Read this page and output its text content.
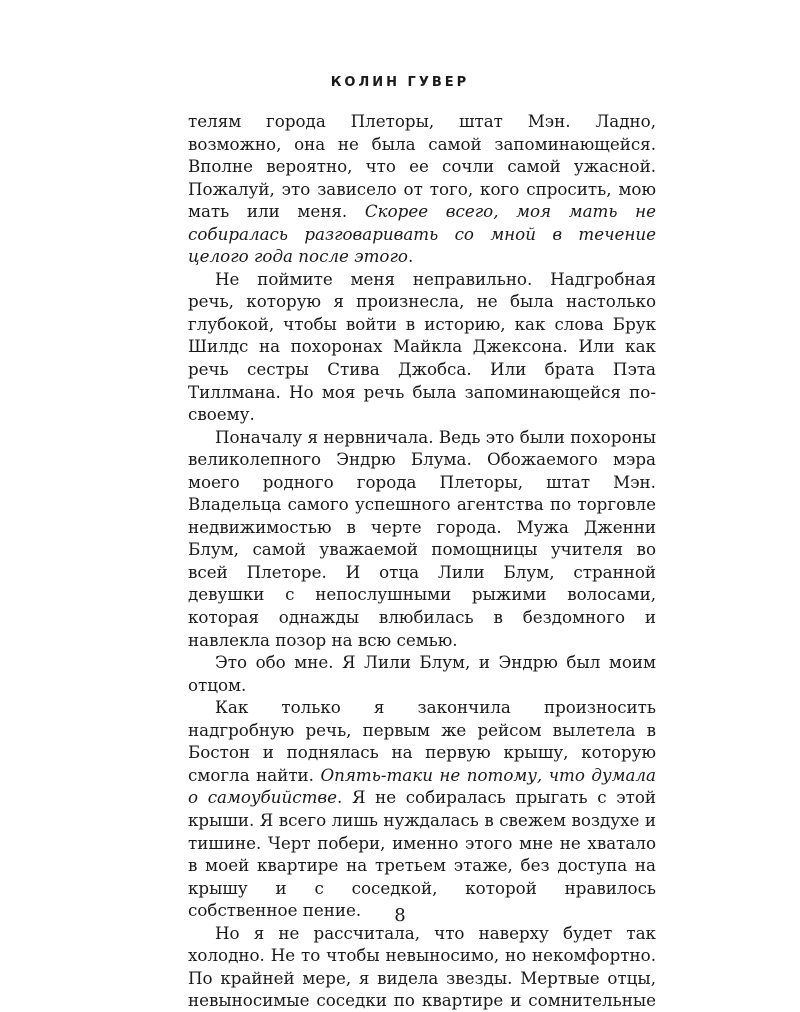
КОЛИН ГУВЕР

телям города Плеторы, штат Мэн. Ладно, возможно, она не была самой запоминающейся. Вполне вероятно, что ее сочли самой ужасной. Пожалуй, это зависело от того, кого спросить, мою мать или меня. Скорее всего, моя мать не собиралась разговаривать со мной в течение целого года после этого.

Не поймите меня неправильно. Надгробная речь, которую я произнесла, не была настолько глубокой, чтобы войти в историю, как слова Брук Шилдс на похоронах Майкла Джексона. Или как речь сестры Стива Джобса. Или брата Пэта Тиллмана. Но моя речь была запоминающейся по-своему.

Поначалу я нервничала. Ведь это были похороны великолепного Эндрю Блума. Обожаемого мэра моего родного города Плеторы, штат Мэн. Владельца самого успешного агентства по торговле недвижимостью в черте города. Мужа Дженни Блум, самой уважаемой помощницы учителя во всей Плеторе. И отца Лили Блум, странной девушки с непослушными рыжими волосами, которая однажды влюбилась в бездомного и навлекла позор на всю семью.

Это обо мне. Я Лили Блум, и Эндрю был моим отцом.

Как только я закончила произносить надгробную речь, первым же рейсом вылетела в Бостон и поднялась на первую крышу, которую смогла найти. Опять-таки не потому, что думала о самоубийстве. Я не собиралась прыгать с этой крыши. Я всего лишь нуждалась в свежем воздухе и тишине. Черт побери, именно этого мне не хватало в моей квартире на третьем этаже, без доступа на крышу и с соседкой, которой нравилось собственное пение.

Но я не рассчитала, что наверху будет так холодно. Не то чтобы невыносимо, но некомфортно. По крайней мере, я видела звезды. Мертвые отцы, невыносимые соседки по квартире и сомнительные

8
